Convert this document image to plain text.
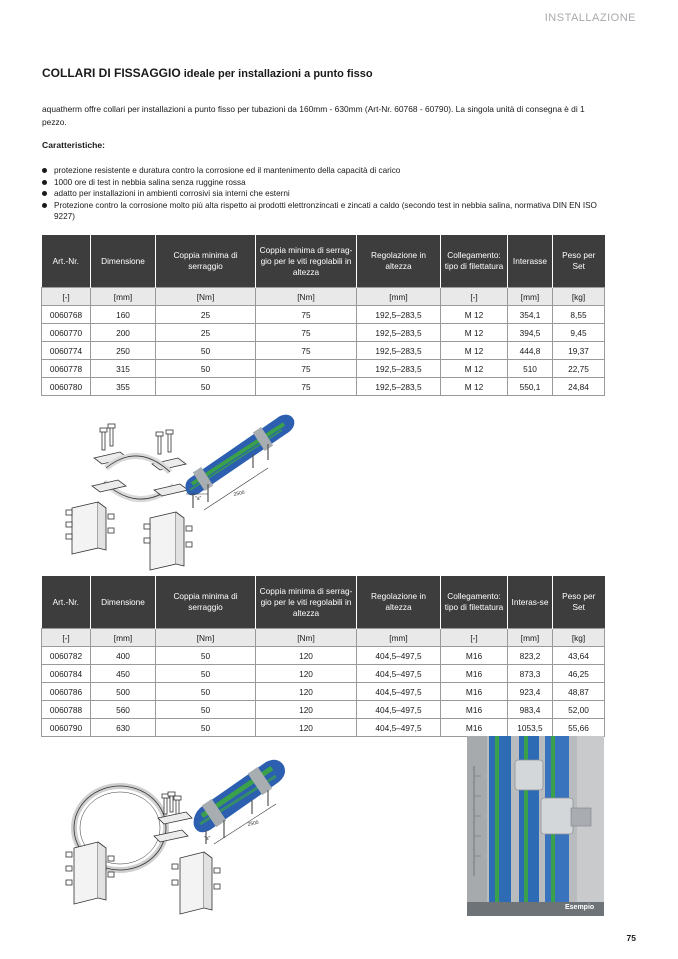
INSTALLAZIONE
COLLARI DI FISSAGGIO ideale per installazioni a punto fisso
aquatherm offre collari per installazioni a punto fisso per tubazioni da 160mm - 630mm (Art-Nr. 60768 - 60790). La singola unità di consegna è di 1 pezzo.
Caratteristiche:
protezione resistente e duratura contro la corrosione ed il mantenimento della capacità di carico
1000 ore di test in nebbia salina senza ruggine rossa
adatto per installazioni in ambienti corrosivi sia interni che esterni
Protezione contro la corrosione molto più alta rispetto ai prodotti elettronzincati e zincati a caldo (secondo test in nebbia salina, normativa DIN EN ISO 9227)
Art.-Nr.	Dimensione	Coppia minima di serraggio	Coppia minima di serrag-gio per le viti regolabili in altezza	Regolazione in altezza	Collegamento: tipo di filettatura	Interasse	Peso per Set
[-]	[mm]	[Nm]	[Nm]	[mm]	[-]	[mm]	[kg]
0060768	160	25	75	192,5–283,5	M 12	354,1	8,55
0060770	200	25	75	192,5–283,5	M 12	394,5	9,45
0060774	250	50	75	192,5–283,5	M 12	444,8	19,37
0060778	315	50	75	192,5–283,5	M 12	510	22,75
0060780	355	50	75	192,5–283,5	M 12	550,1	24,84
2500
"a"
Art.-Nr.	Dimensione	Coppia minima di serraggio	Coppia minima di serrag-gio per le viti regolabili in altezza	Regolazione in altezza	Collegamento: tipo di filettatura	Interas-se	Peso per Set
[-]	[mm]	[Nm]	[Nm]	[mm]	[-]	[mm]	[kg]
0060782	400	50	120	404,5–497,5	M16	823,2	43,64
0060784	450	50	120	404,5–497,5	M16	873,3	46,25
0060786	500	50	120	404,5–497,5	M16	923,4	48,87
0060788	560	50	120	404,5–497,5	M16	983,4	52,00
0060790	630	50	120	404,5–497,5	M16	1053,5	55,66
2500
"a"
Esempio
75
